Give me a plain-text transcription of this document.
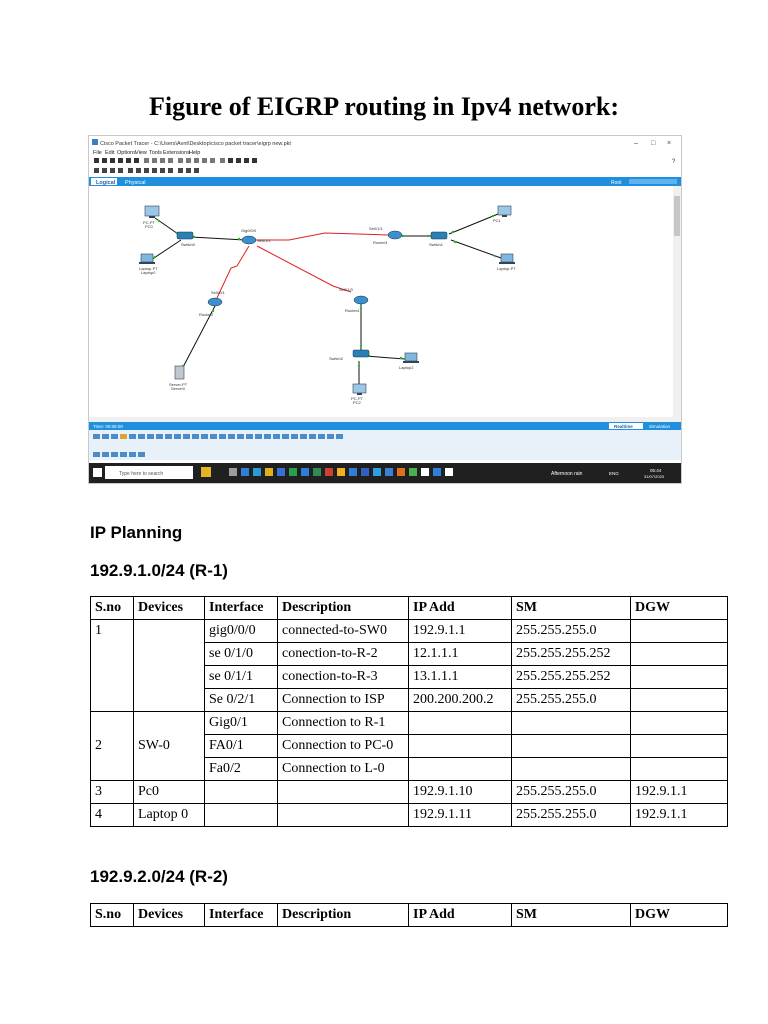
Figure of EIGRP routing in Ipv4 network:
Cisco Packet Tracer - C:\Users\Avnt\Desktop\cisco packet tracer\eigrp new.pkt	– □ ×
File Edit Options View Tools Extensions Help
?
Logical Physical	Root
PC-PT
PC0
Switch0
Laptop-PT
Laptop0
Gig0/0/0
Se0/1/1
Se0/0/1
Router2
Server-PT
Server0
Se0/1/1
Router3	Switch1
PC1
Laptop-PT
Se0/1/0
Router4
Switch2
Laptop2
PC-PT
PC2
Time: 00:06:00	Realtime	Simulation
Type here to search	Afternoon rain	ENG
05:44
31/07/2023
IP Planning
192.9.1.0/24 (R-1)
S.no	Devices	Interface	Description	IP Add	SM	DGW
1		gig0/0/0	connected-to-SW0	192.9.1.1	255.255.255.0	
		se 0/1/0	conection-to-R-2	12.1.1.1	255.255.255.252	
		se 0/1/1	conection-to-R-3	13.1.1.1	255.255.255.252	
		Se 0/2/1	Connection to ISP	200.200.200.2	255.255.255.0	
2	SW-0	Gig0/1	Connection to R-1			
		FA0/1	Connection to PC-0			

		Fa0/2	Connection to L-0			
3	Pc0			192.9.1.10	255.255.255.0	192.9.1.1
4	Laptop 0			192.9.1.11	255.255.255.0	192.9.1.1
192.9.2.0/24 (R-2)
S.no	Devices	Interface	Description	IP Add	SM	DGW
